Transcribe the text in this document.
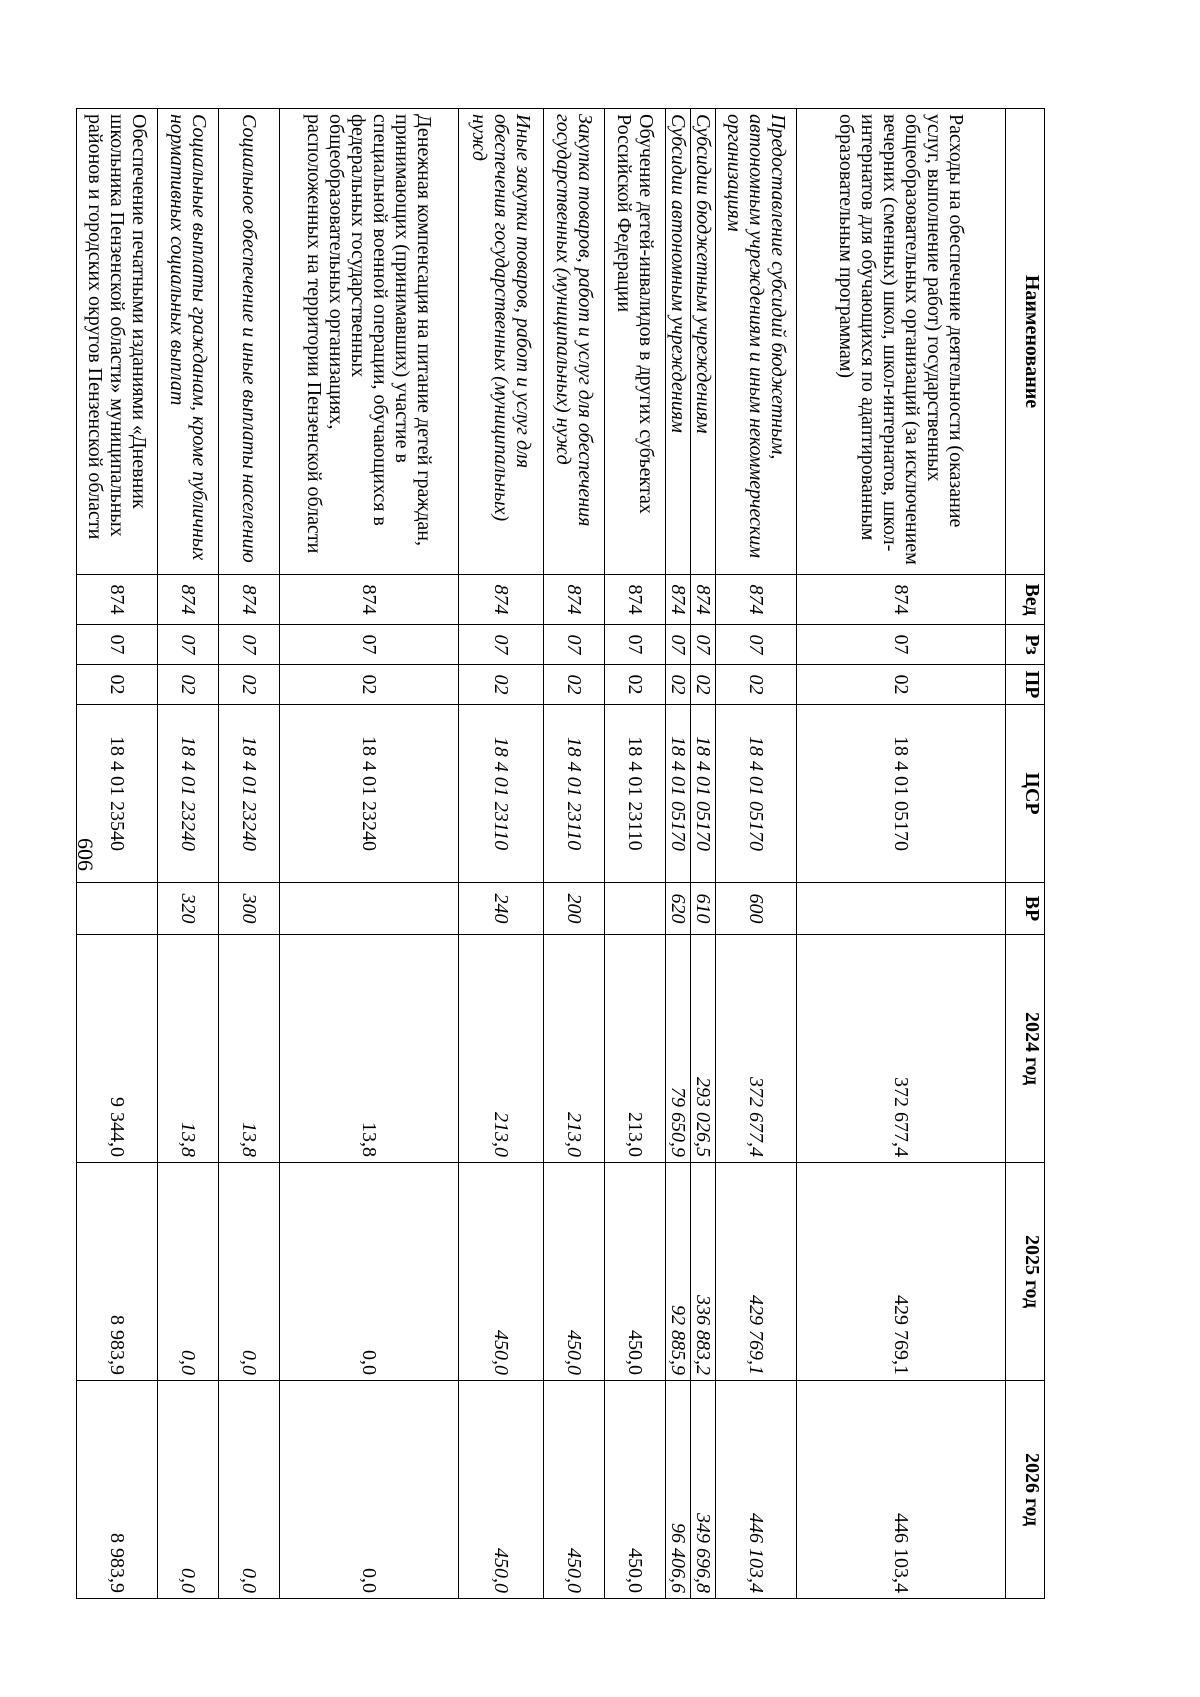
606
Наименование	Вед	Рз	ПР	ЦСР	ВР	2024 год	2025 год	2026 год
Расходы на обеспечение деятельности (оказание услуг, выполнение работ) государственных общеобразовательных организаций (за исключением вечерних (сменных) школ, школ-интернатов, школ-интернатов для обучающихся по адаптированным образовательным программам)	874	07	02	18 4 01 05170		372 677,4	429 769,1	446 103,4
Предоставление субсидий бюджетным, автономным учреждениям и иным некоммерческим организациям	874	07	02	18 4 01 05170	600	372 677,4	429 769,1	446 103,4
Субсидии бюджетным учреждениям	874	07	02	18 4 01 05170	610	293 026,5	336 883,2	349 696,8
Субсидии автономным учреждениям	874	07	02	18 4 01 05170	620	79 650,9	92 885,9	96 406,6
Обучение детей-инвалидов в других субъектах Российской Федерации	874	07	02	18 4 01 23110		213,0	450,0	450,0
Закупка товаров, работ и услуг для обеспечения государственных (муниципальных) нужд	874	07	02	18 4 01 23110	200	213,0	450,0	450,0
Иные закупки товаров, работ и услуг для обеспечения государственных (муниципальных) нужд	874	07	02	18 4 01 23110	240	213,0	450,0	450,0
Денежная компенсация на питание детей граждан, принимающих (принимавших) участие в специальной военной операции, обучающихся в федеральных государственных общеобразовательных организациях, расположенных на территории Пензенской области	874	07	02	18 4 01 23240		13,8	0,0	0,0
Социальное обеспечение и иные выплаты населению	874	07	02	18 4 01 23240	300	13,8	0,0	0,0
Социальные выплаты гражданам, кроме публичных нормативных социальных выплат	874	07	02	18 4 01 23240	320	13,8	0,0	0,0
Обеспечение печатными изданиями «Дневник школьника Пензенской области» муниципальных районов и городских округов Пензенской области	874	07	02	18 4 01 23540		9 344,0	8 983,9	8 983,9
